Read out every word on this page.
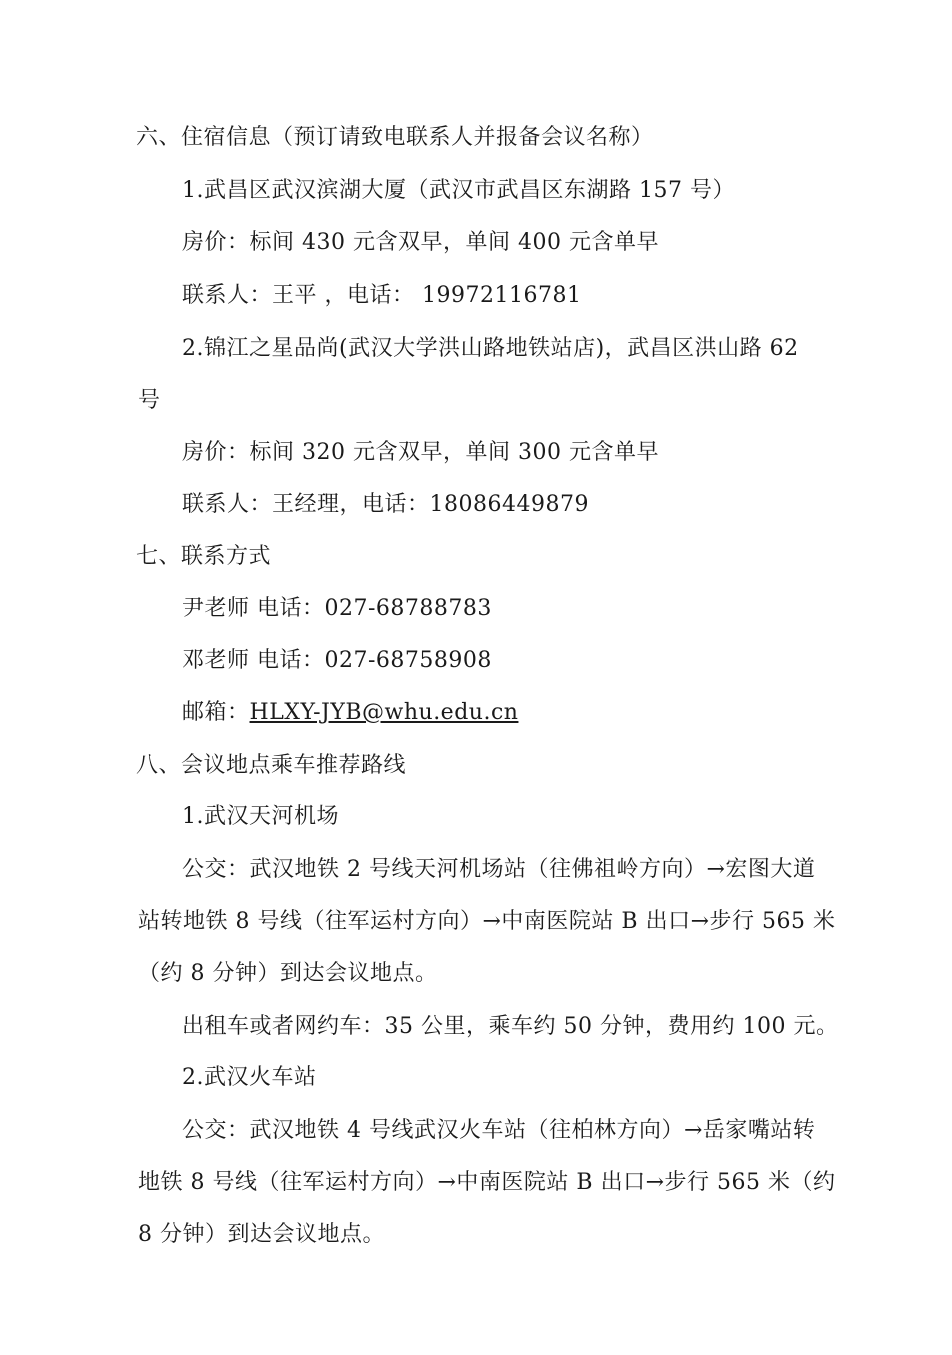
六、住宿信息（预订请致电联系人并报备会议名称）
1.武昌区武汉滨湖大厦（武汉市武昌区东湖路 157 号）
房价：标间 430 元含双早，单间 400 元含单早
联系人：王平 ，电话： 19972116781
2.锦江之星品尚(武汉大学洪山路地铁站店)，武昌区洪山路 62
号
房价：标间 320 元含双早，单间 300 元含单早
联系人：王经理，电话：18086449879
七、联系方式
尹老师 电话：027-68788783
邓老师 电话：027-68758908
邮箱：HLXY-JYB@whu.edu.cn
八、会议地点乘车推荐路线
1.武汉天河机场
公交：武汉地铁 2 号线天河机场站（往佛祖岭方向）→宏图大道
站转地铁 8 号线（往军运村方向）→中南医院站 B 出口→步行 565 米
（约 8 分钟）到达会议地点。
出租车或者网约车：35 公里，乘车约 50 分钟，费用约 100 元。
2.武汉火车站
公交：武汉地铁 4 号线武汉火车站（往柏林方向）→岳家嘴站转
地铁 8 号线（往军运村方向）→中南医院站 B 出口→步行 565 米（约
8 分钟）到达会议地点。
